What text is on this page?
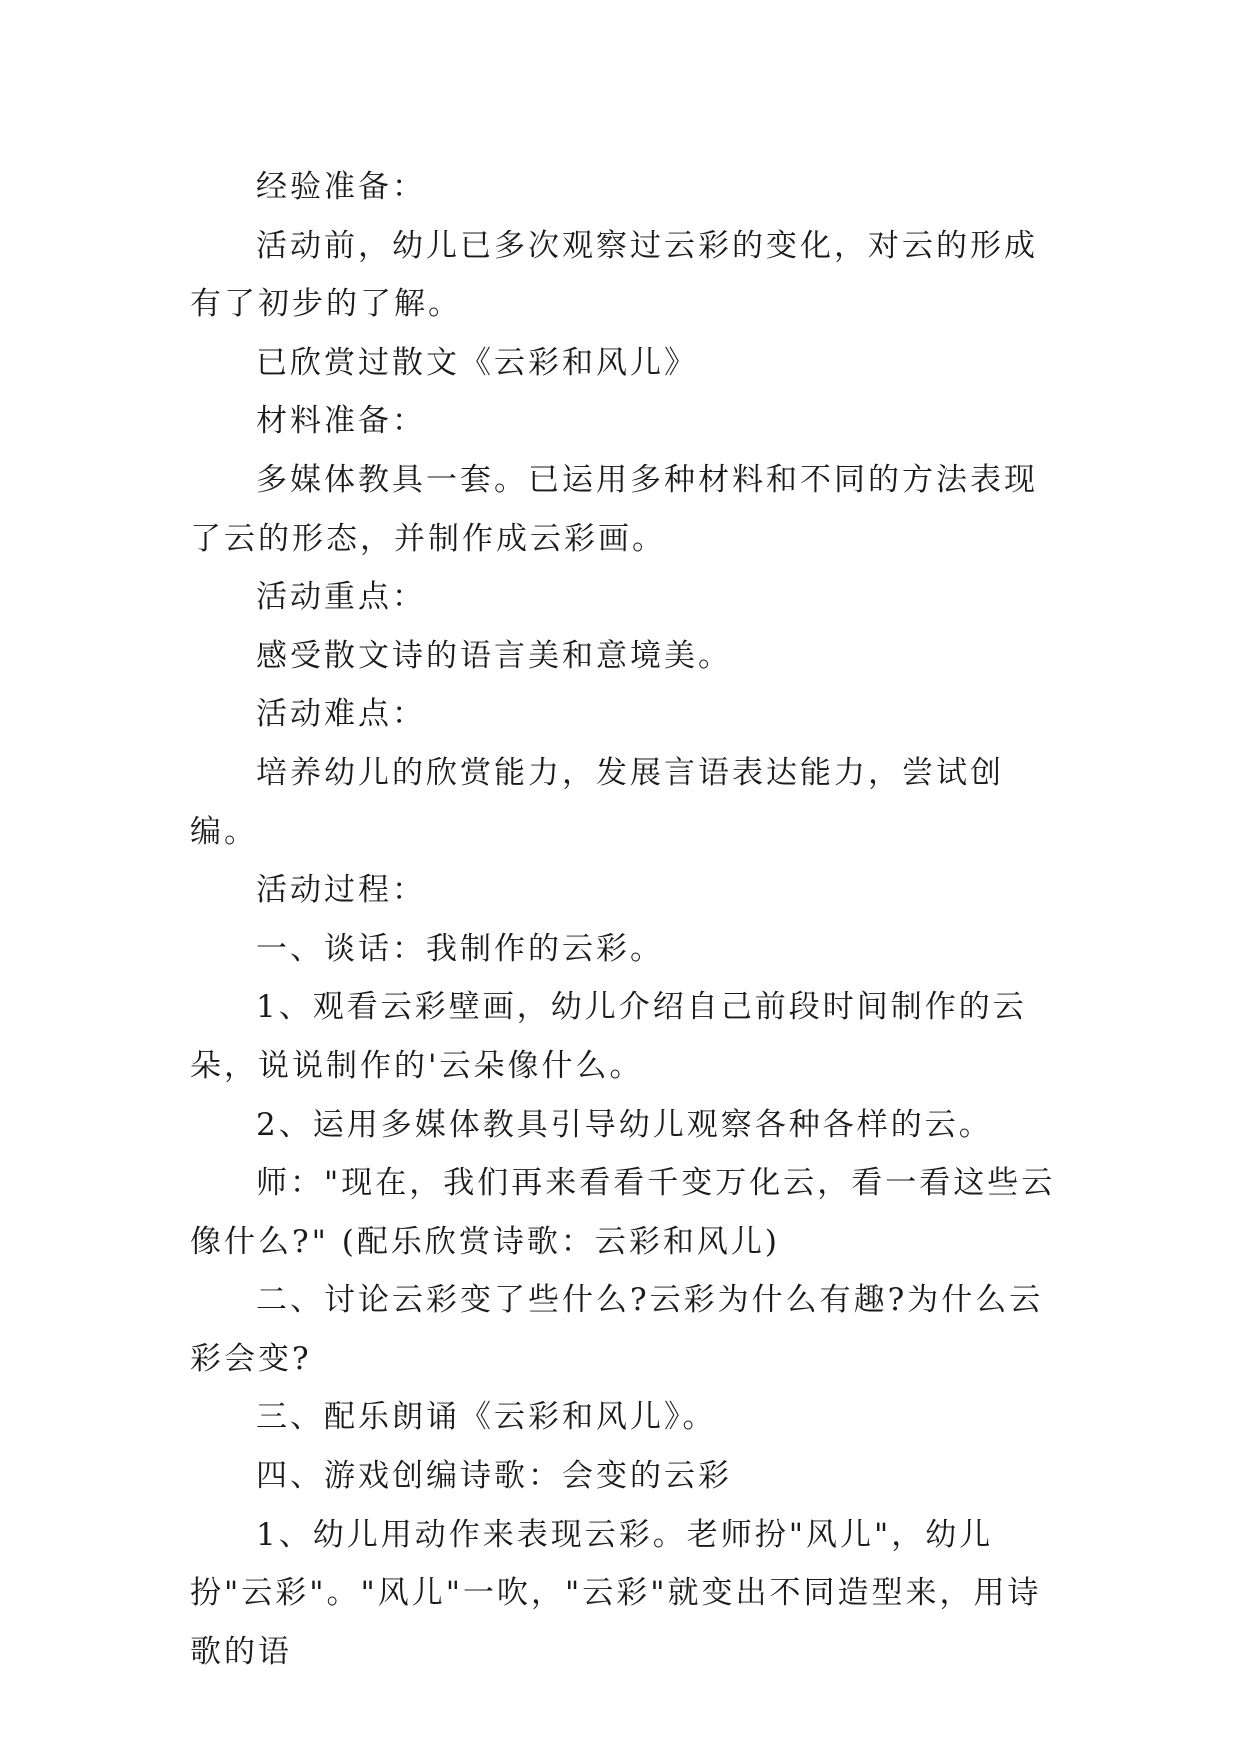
经验准备：

活动前，幼儿已多次观察过云彩的变化，对云的形成有了初步的了解。

已欣赏过散文《云彩和风儿》

材料准备：

多媒体教具一套。已运用多种材料和不同的方法表现了云的形态，并制作成云彩画。

活动重点：

感受散文诗的语言美和意境美。

活动难点：

培养幼儿的欣赏能力，发展言语表达能力，尝试创编。

活动过程：

一、谈话：我制作的云彩。

1、观看云彩壁画，幼儿介绍自己前段时间制作的云朵，说说制作的'云朵像什么。

2、运用多媒体教具引导幼儿观察各种各样的云。

师："现在，我们再来看看千变万化云，看一看这些云像什么?" (配乐欣赏诗歌：云彩和风儿)

二、讨论云彩变了些什么?云彩为什么有趣?为什么云彩会变?

三、配乐朗诵《云彩和风儿》。

四、游戏创编诗歌：会变的云彩

1、幼儿用动作来表现云彩。老师扮"风儿"，幼儿扮"云彩"。"风儿"一吹，"云彩"就变出不同造型来，用诗歌的语
